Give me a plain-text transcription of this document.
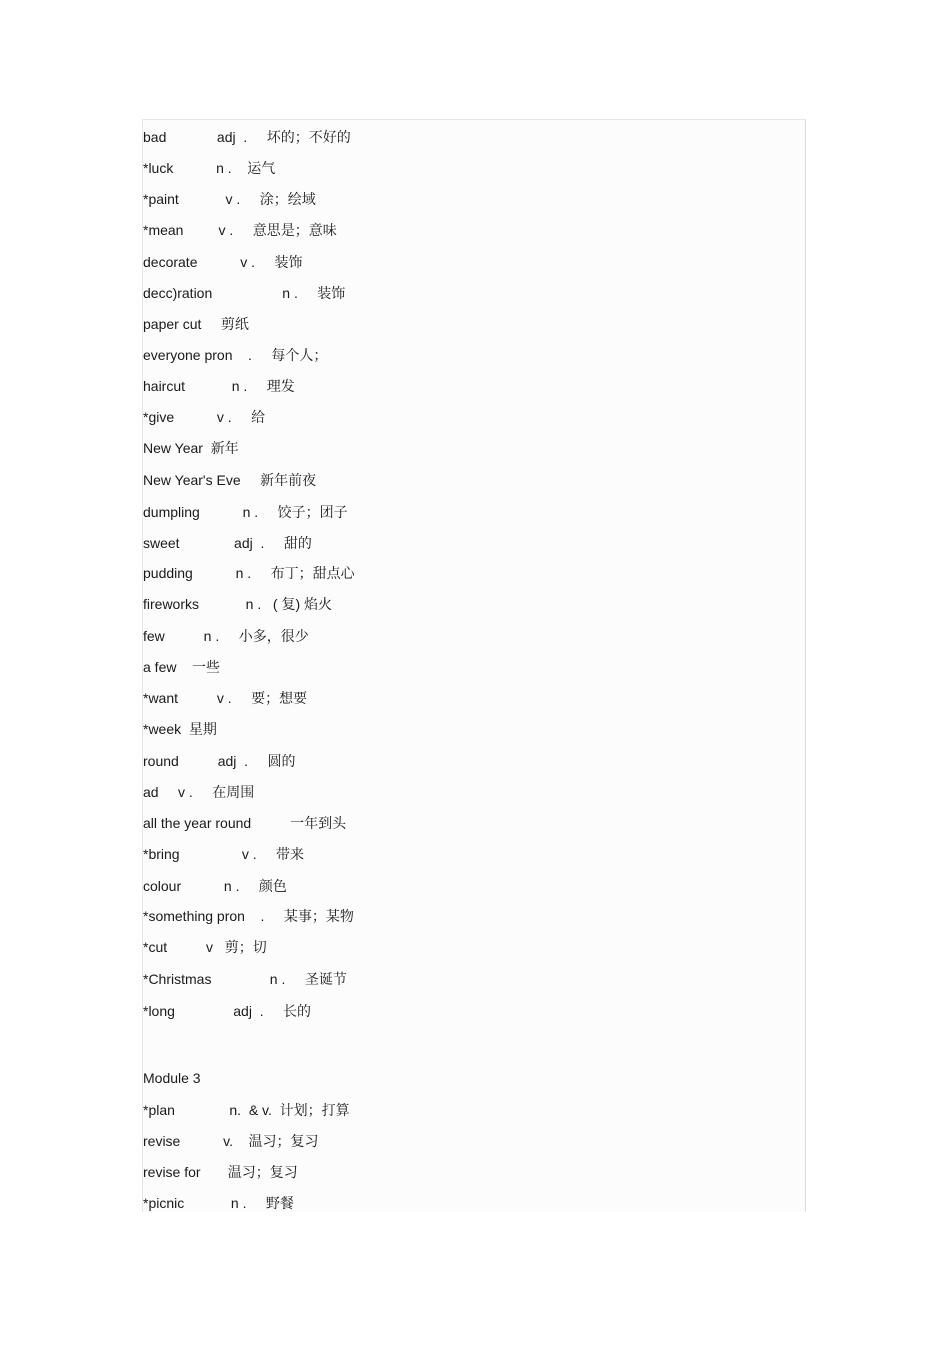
bad             adj  .     坏的；不好的
*luck           n .    运气
*paint            v .     涂；绘域
*mean         v .     意思是；意味
decorate           v .     装饰
decc)ration                  n .     装饰
paper cut     剪纸
everyone pron    .     每个人；
haircut            n .     理发
*give           v .     给
New Year  新年
New Year's Eve     新年前夜
dumpling           n .     饺子；团子
sweet              adj  .     甜的
pudding           n .     布丁；甜点心
fireworks            n .   ( 复) 焰火
few          n .     小多，很少
a few    一些
*want          v .     要；想要
*week  星期
round          adj  .     圆的
ad     v .     在周围
all the year round          一年到头
*bring                v .     带来
colour           n .     颜色
*something pron    .     某事；某物
*cut          v   剪；切
*Christmas               n .     圣诞节
*long               adj  .     长的
Module 3
*plan              n.  & v.  计划；打算
revise           v.    温习；复习
revise for       温习；复习
*picnic            n .     野餐
